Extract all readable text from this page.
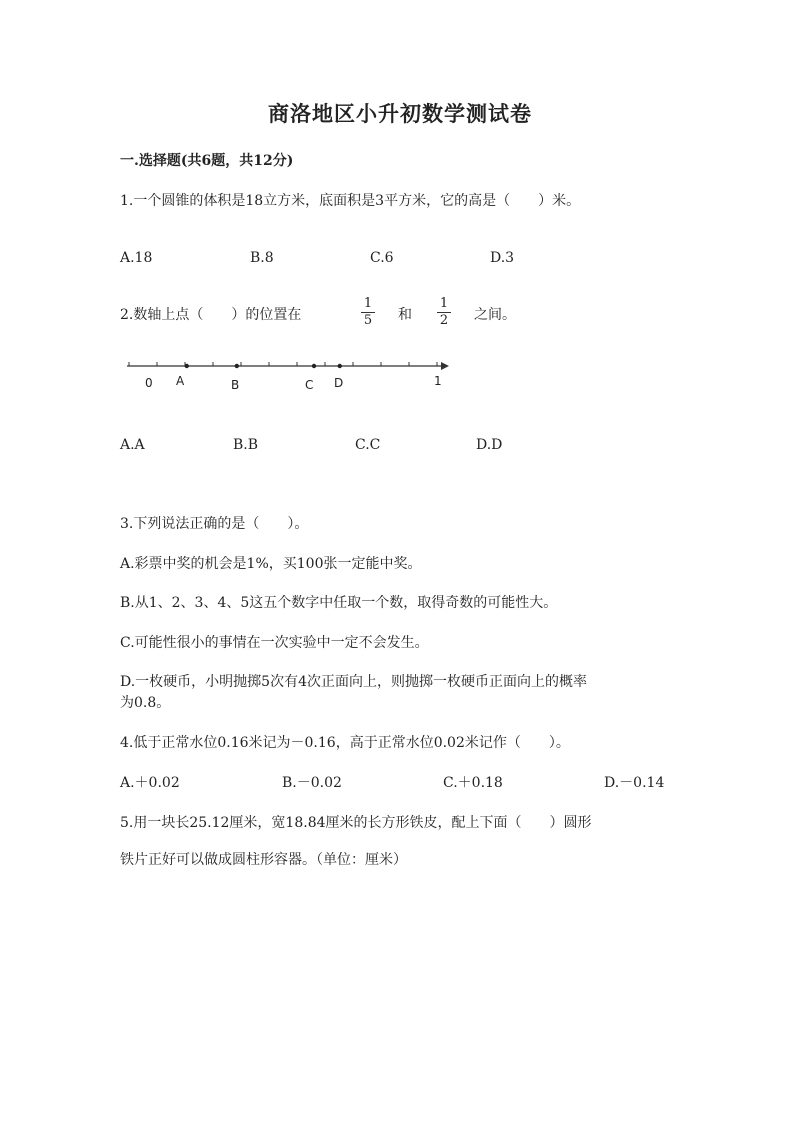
商洛地区小升初数学测试卷
一.选择题(共6题，共12分)
1.一个圆锥的体积是18立方米，底面积是3平方米，它的高是（　　）米。
A.18	B.8	C.6	D.3
2.数轴上点（　　）的位置在
1
5	和
1
2	之间。
0 A	B	C D	1
A.A	B.B	C.C	D.D
3.下列说法正确的是（　　）。
A.彩票中奖的机会是1%，买100张一定能中奖。
B.从1、2、3、4、5这五个数字中任取一个数，取得奇数的可能性大。
C.可能性很小的事情在一次实验中一定不会发生。
D.一枚硬币，小明抛掷5次有4次正面向上，则抛掷一枚硬币正面向上的概率
为0.8。
4.低于正常水位0.16米记为－0.16，高于正常水位0.02米记作（　　）。
A.＋0.02	B.－0.02	C.＋0.18	D.－0.14
5.用一块长25.12厘米，宽18.84厘米的长方形铁皮，配上下面（　　）圆形
铁片正好可以做成圆柱形容器。（单位：厘米）
